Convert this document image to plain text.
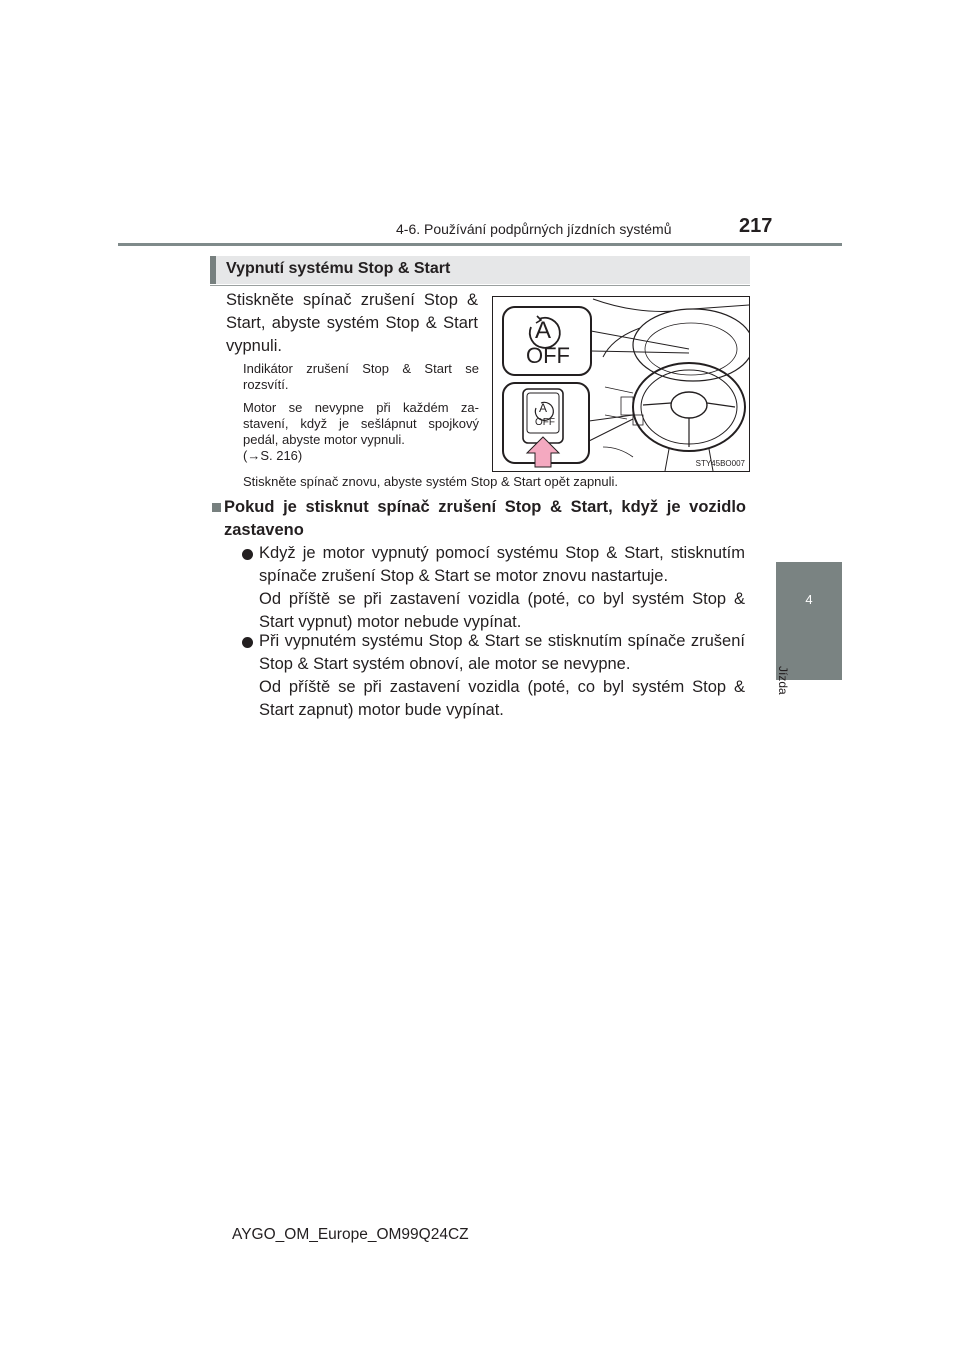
4-6. Používání podpůrných jízdních systémů	217
4
Jízda
Vypnutí systému Stop & Start
Stiskněte spínač zrušení Stop &
Start, abyste systém Stop & Start
vypnuli.
Indikátor zrušení Stop & Start se
rozsvítí.
Motor se nevypne při každém za-
stavení, když je sešlápnut spojkový
pedál, abyste motor vypnuli.
(→S. 216)
Stiskněte spínač znovu, abyste systém Stop & Start opět zapnuli.
A
OFF
A
OFF
STY45BO007
Pokud je stisknut spínač zrušení Stop & Start, když je vozidlo
zastaveno
Když je motor vypnutý pomocí systému Stop & Start, stisknutím
spínače zrušení Stop & Start se motor znovu nastartuje.
Od příště se při zastavení vozidla (poté, co byl systém Stop &
Start vypnut) motor nebude vypínat.
Při vypnutém systému Stop & Start se stisknutím spínače zrušení
Stop & Start systém obnoví, ale motor se nevypne.
Od příště se při zastavení vozidla (poté, co byl systém Stop &
Start zapnut) motor bude vypínat.
AYGO_OM_Europe_OM99Q24CZ
